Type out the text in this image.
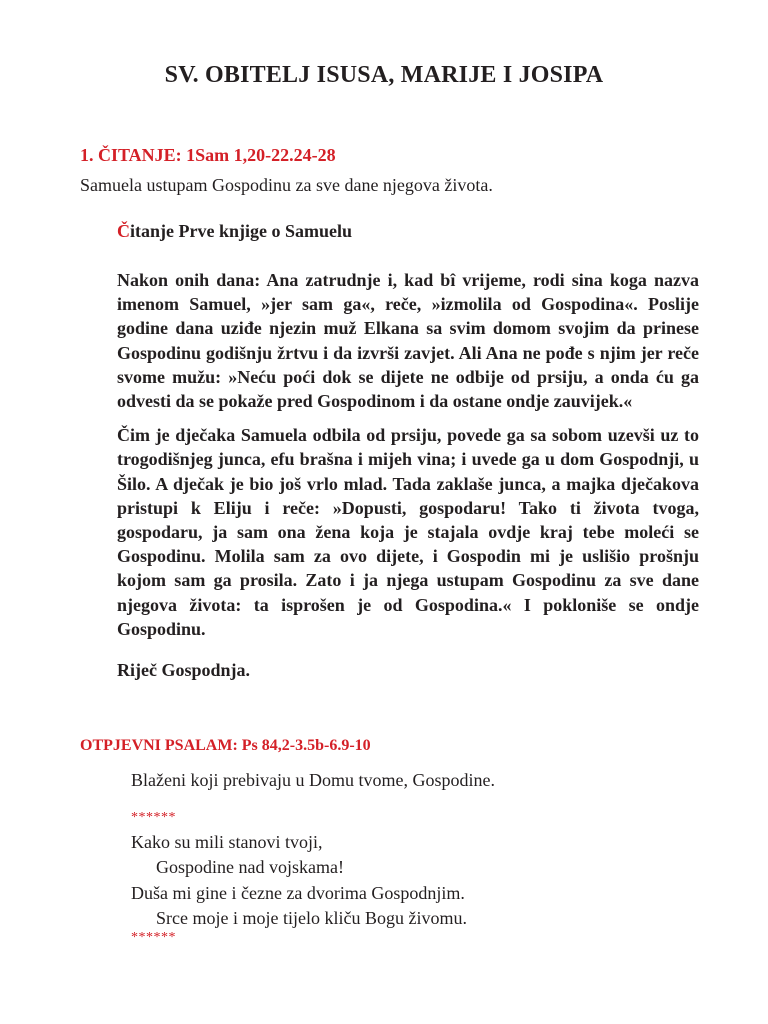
SV. OBITELJ ISUSA, MARIJE I JOSIPA
1. ČITANJE: 1Sam 1,20-22.24-28
Samuela ustupam Gospodinu za sve dane njegova života.
Čitanje Prve knjige o Samuelu

Nakon onih dana: Ana zatrudnje i, kad bî vrijeme, rodi sina koga nazva imenom Samuel, »jer sam ga«, reče, »izmolila od Gospodina«. Poslije godine dana uziđe njezin muž Elkana sa svim domom svojim da prinese Gospodinu godišnju žrtvu i da izvrši zavjet. Ali Ana ne pođe s njim jer reče svome mužu: »Neću poći dok se dijete ne odbije od prsiju, a onda ću ga odvesti da se pokaže pred Gospodinom i da ostane ondje zauvijek.«

Čim je dječaka Samuela odbila od prsiju, povede ga sa sobom uzevši uz to trogodišnjeg junca, efu brašna i mijeh vina; i uvede ga u dom Gospodnji, u Šilo. A dječak je bio još vrlo mlad. Tada zaklaše junca, a majka dječakova pristupi k Eliju i reče: »Dopusti, gospodaru! Tako ti života tvoga, gospodaru, ja sam ona žena koja je stajala ovdje kraj tebe moleći se Gospodinu. Molila sam za ovo dijete, i Gospodin mi je uslišio prošnju kojom sam ga prosila. Zato i ja njega ustupam Gospodinu za sve dane njegova života: ta isprošen je od Gospodina.« I pokloniše se ondje Gospodinu.

Riječ Gospodnja.

OTPJEVNI PSALAM: Ps 84,2-3.5b-6.9-10
Blaženi koji prebivaju u Domu tvome, Gospodine.
******
Kako su mili stanovi tvoji,
Gospodine nad vojskama!
Duša mi gine i čezne za dvorima Gospodnjim.
Srce moje i moje tijelo kliču Bogu živomu.
******
